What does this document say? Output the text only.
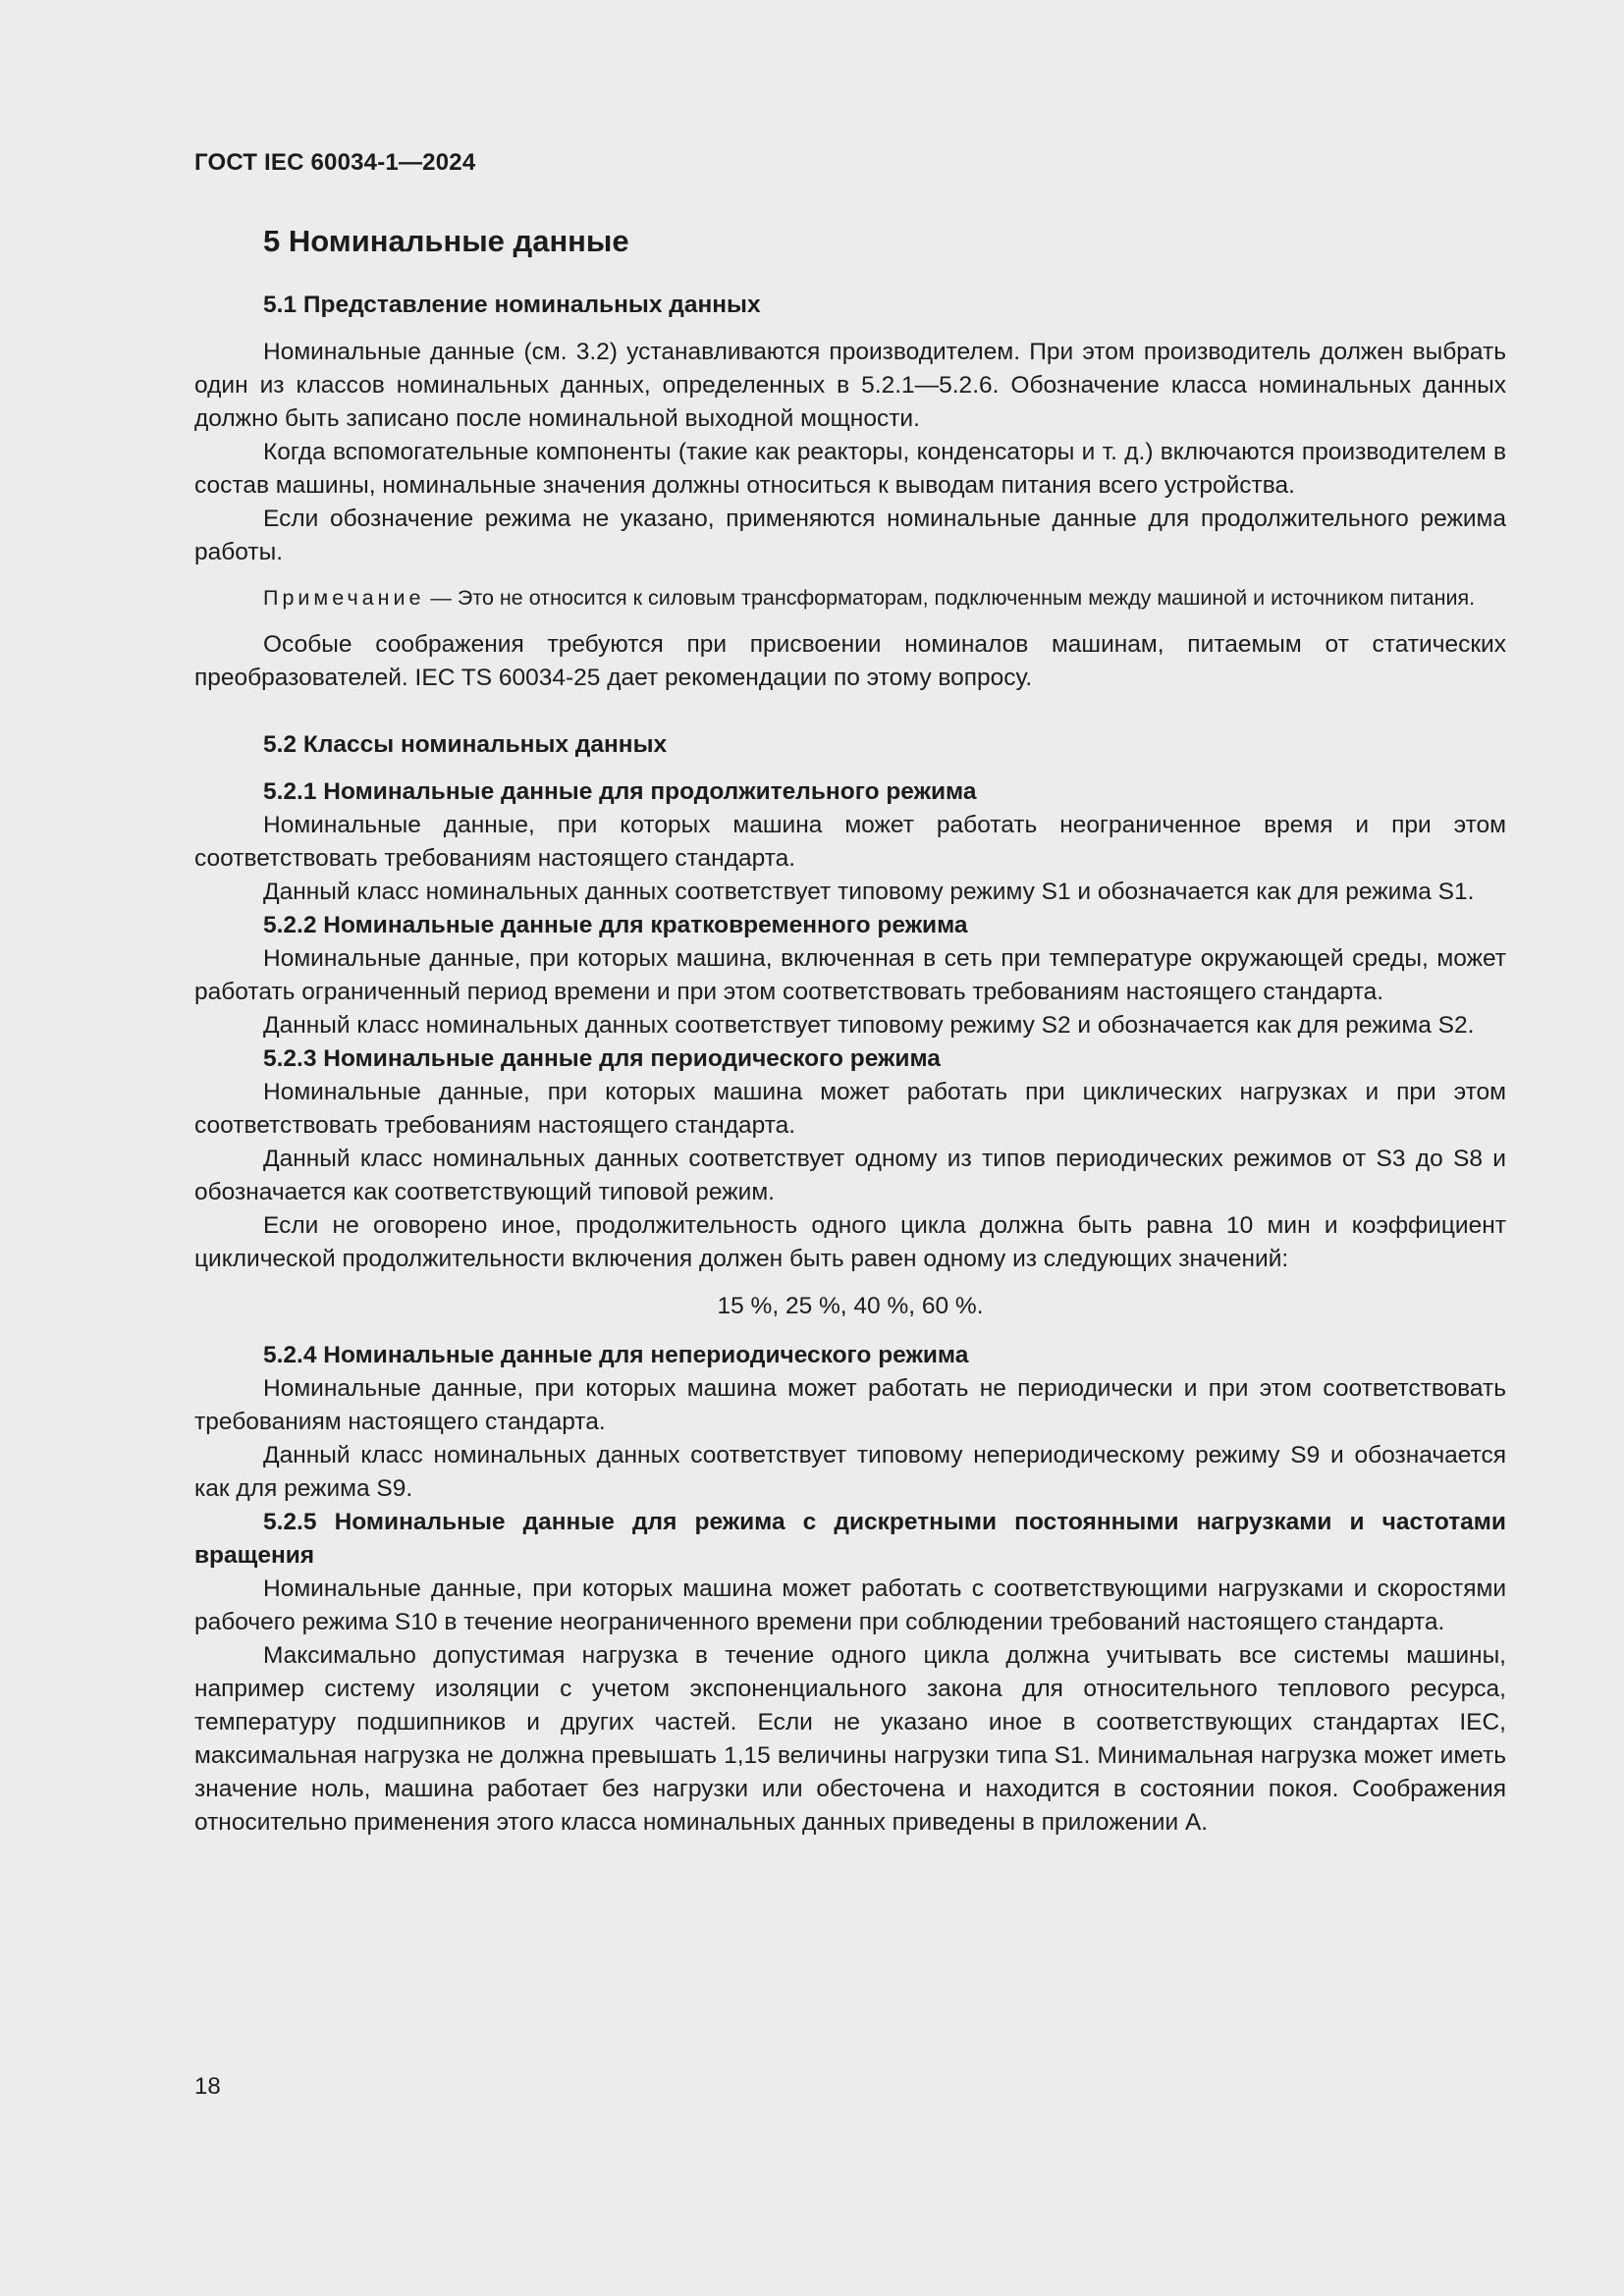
ГОСТ IEC 60034-1—2024
5 Номинальные данные
5.1 Представление номинальных данных

Номинальные данные (см. 3.2) устанавливаются производителем. При этом производитель должен выбрать один из классов номинальных данных, определенных в 5.2.1—5.2.6. Обозначение класса номинальных данных должно быть записано после номинальной выходной мощности.

Когда вспомогательные компоненты (такие как реакторы, конденсаторы и т. д.) включаются производителем в состав машины, номинальные значения должны относиться к выводам питания всего устройства.

Если обозначение режима не указано, применяются номинальные данные для продолжительного режима работы.

Примечание — Это не относится к силовым трансформаторам, подключенным между машиной и источником питания.

Особые соображения требуются при присвоении номиналов машинам, питаемым от статических преобразователей. IEC TS 60034-25 дает рекомендации по этому вопросу.

5.2 Классы номинальных данных

5.2.1 Номинальные данные для продолжительного режима

Номинальные данные, при которых машина может работать неограниченное время и при этом соответствовать требованиям настоящего стандарта.

Данный класс номинальных данных соответствует типовому режиму S1 и обозначается как для режима S1.

5.2.2 Номинальные данные для кратковременного режима

Номинальные данные, при которых машина, включенная в сеть при температуре окружающей среды, может работать ограниченный период времени и при этом соответствовать требованиям настоящего стандарта.

Данный класс номинальных данных соответствует типовому режиму S2 и обозначается как для режима S2.

5.2.3 Номинальные данные для периодического режима

Номинальные данные, при которых машина может работать при циклических нагрузках и при этом соответствовать требованиям настоящего стандарта.

Данный класс номинальных данных соответствует одному из типов периодических режимов от S3 до S8 и обозначается как соответствующий типовой режим.

Если не оговорено иное, продолжительность одного цикла должна быть равна 10 мин и коэффициент циклической продолжительности включения должен быть равен одному из следующих значений:

15 %, 25 %, 40 %, 60 %.

5.2.4 Номинальные данные для непериодического режима

Номинальные данные, при которых машина может работать не периодически и при этом соответствовать требованиям настоящего стандарта.

Данный класс номинальных данных соответствует типовому непериодическому режиму S9 и обозначается как для режима S9.

5.2.5 Номинальные данные для режима с дискретными постоянными нагрузками и частотами вращения

Номинальные данные, при которых машина может работать с соответствующими нагрузками и скоростями рабочего режима S10 в течение неограниченного времени при соблюдении требований настоящего стандарта.

Максимально допустимая нагрузка в течение одного цикла должна учитывать все системы машины, например систему изоляции с учетом экспоненциального закона для относительного теплового ресурса, температуру подшипников и других частей. Если не указано иное в соответствующих стандартах IEC, максимальная нагрузка не должна превышать 1,15 величины нагрузки типа S1. Минимальная нагрузка может иметь значение ноль, машина работает без нагрузки или обесточена и находится в состоянии покоя. Соображения относительно применения этого класса номинальных данных приведены в приложении А.

18
